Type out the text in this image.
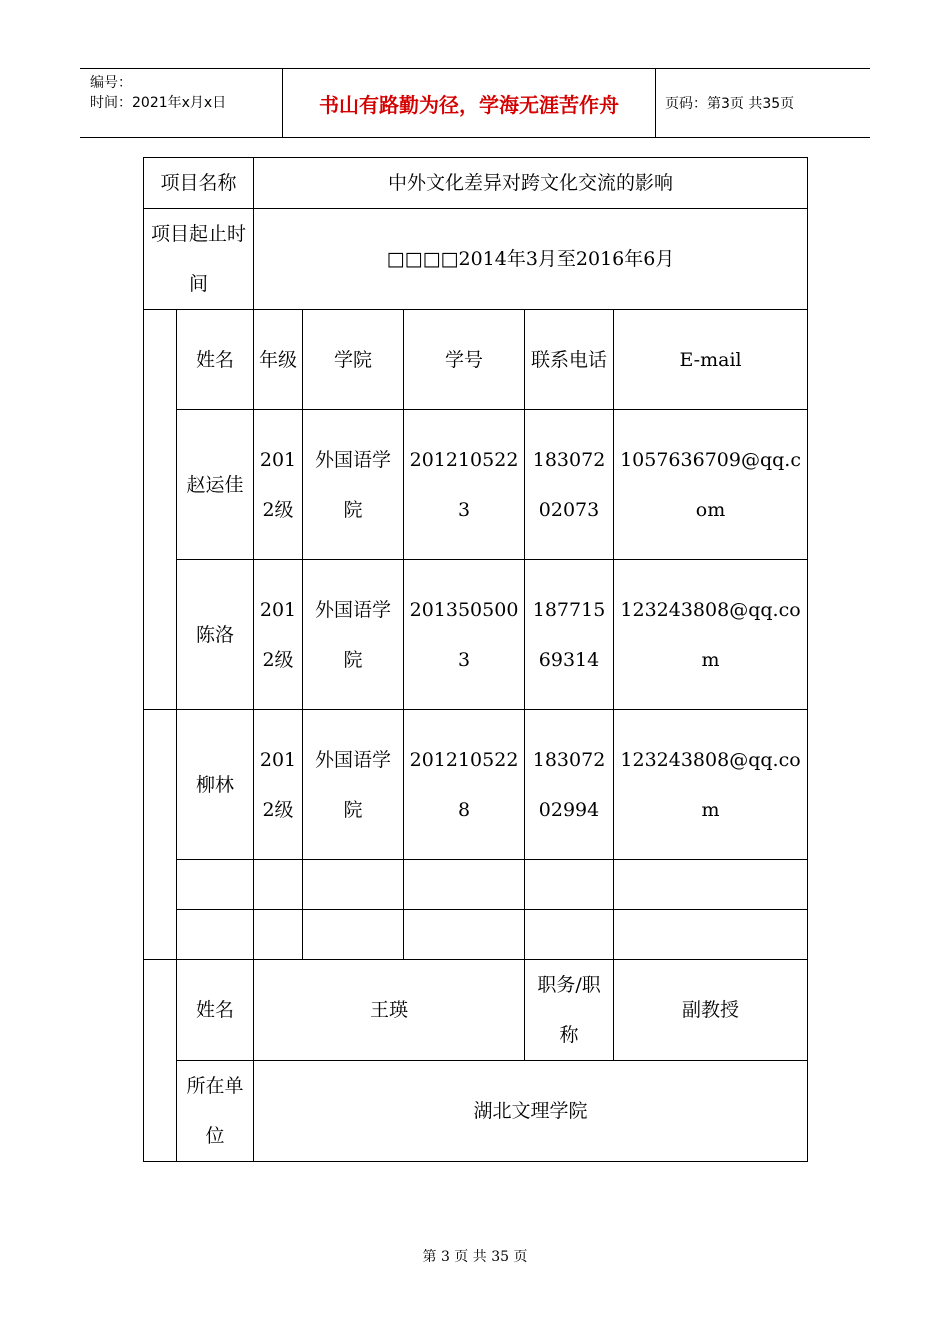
编号：
时间：2021年x月x日	书山有路勤为径，学海无涯苦作舟	页码：第3页 共35页
项目名称		中外文化差异对跨文化交流的影响				
项目起止时间		□□□□2014年3月至2016年6月				
	姓名	年级	学院	学号	联系电话	E-mail
	赵运佳	2012级	外国语学院	2012105223	18307202073	1057636709@qq.com
	陈洛	2012级	外国语学院	2013505003	18771569314	123243808@qq.com
	柳林	2012级	外国语学院	2012105228	18307202994	123243808@qq.com

	姓名	王瑛			职务/职称	副教授
	所在单位	湖北文理学院				
第 3 页 共 35 页
